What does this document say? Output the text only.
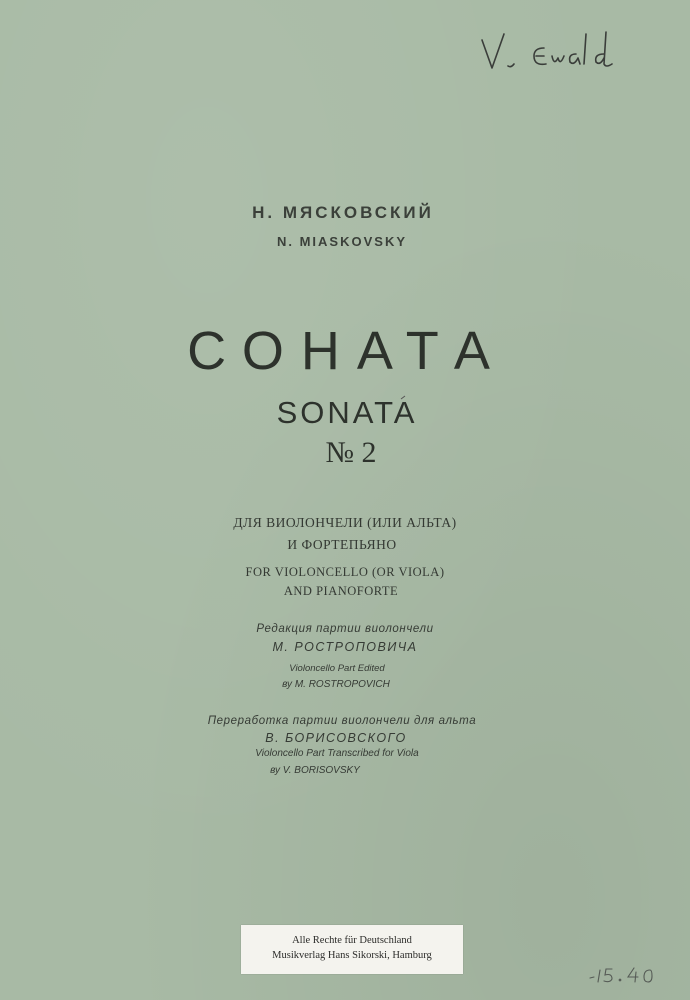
Н. МЯСКОВСКИЙ
N. MIASKOVSKY
СОНАТА
SONATA
№ 2
ДЛЯ ВИОЛОНЧЕЛИ (ИЛИ АЛЬТА)
И ФОРТЕПЬЯНО
FOR VIOLONCELLO (OR VIOLA)
AND PIANOFORTE
Редакция партии виолончели
М. РОСТРОПОВИЧА
Violoncello Part Edited
ву M. ROSTROPOVICH
Переработка партии виолончели для альта
В. БОРИСОВСКОГО
Violoncello Part Transcribed for Viola
ву V. BORISOVSKY
Alle Rechte für Deutschland
Musikverlag Hans Sikorski, Hamburg
